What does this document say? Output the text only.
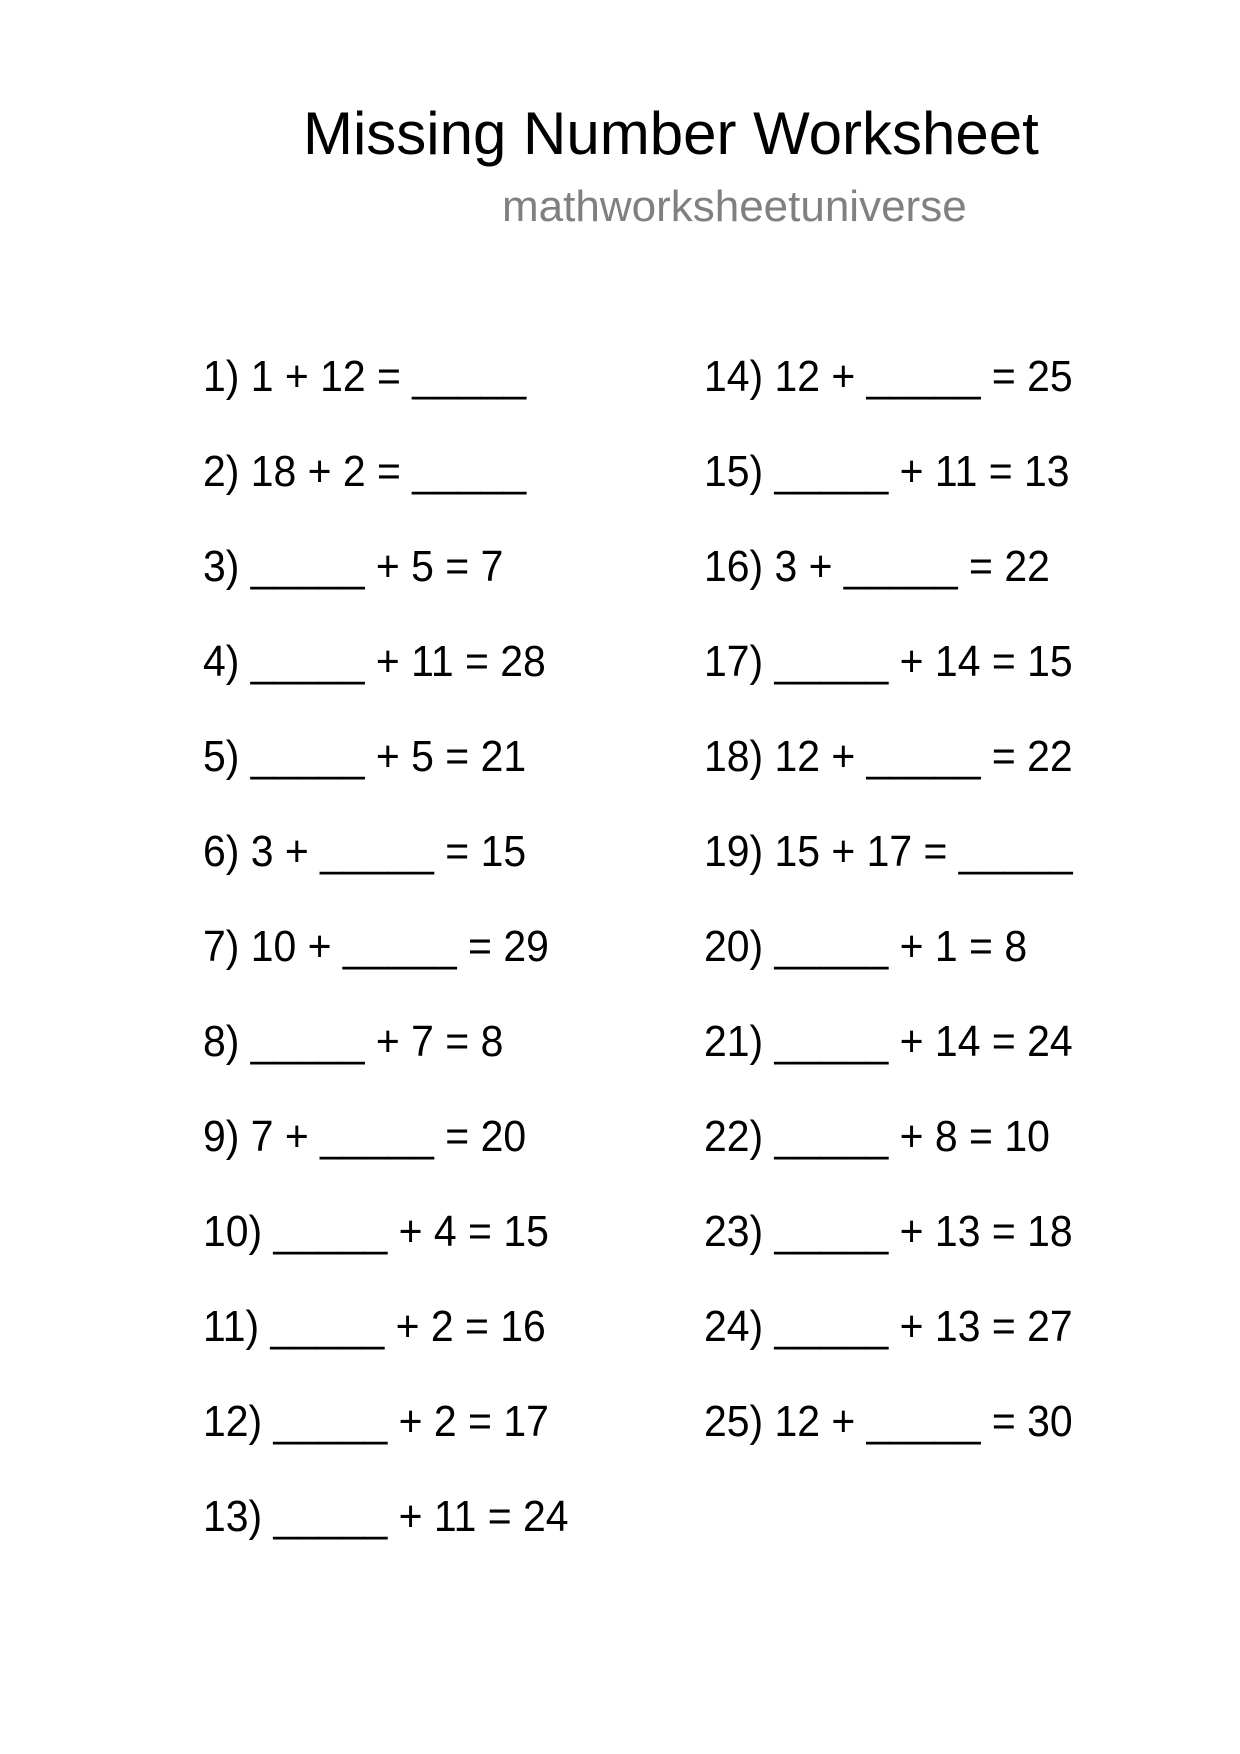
Missing Number Worksheet
mathworksheetuniverse
1) 1 + 12 = _____
2) 18 + 2 = _____
3) _____ + 5 = 7
4) _____ + 11 = 28
5) _____ + 5 = 21
6) 3 + _____ = 15
7) 10 + _____ = 29
8) _____ + 7 = 8
9) 7 + _____ = 20
10) _____ + 4 = 15
11) _____ + 2 = 16
12) _____ + 2 = 17
13) _____ + 11 = 24
14) 12 + _____ = 25
15) _____ + 11 = 13
16) 3 + _____ = 22
17) _____ + 14 = 15
18) 12 + _____ = 22
19) 15 + 17 = _____
20) _____ + 1 = 8
21) _____ + 14 = 24
22) _____ + 8 = 10
23) _____ + 13 = 18
24) _____ + 13 = 27
25) 12 + _____ = 30
